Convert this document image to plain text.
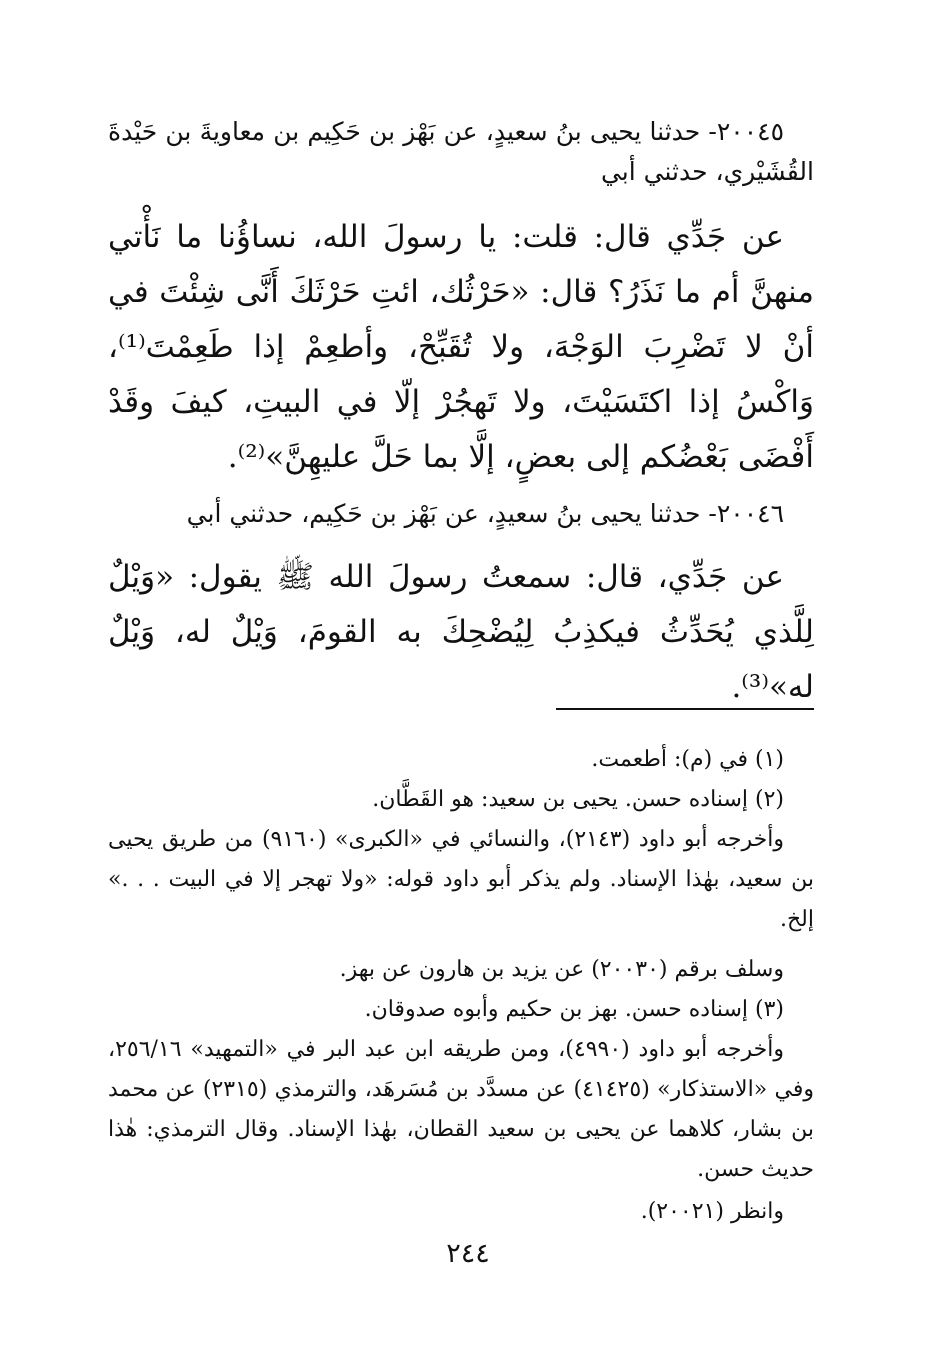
٢٠٠٤٥- حدثنا يحيى بنُ سعيدٍ، عن بَهْز بن حَكِيم بن معاويةَ بن حَيْدةَ القُشَيْري، حدثني أبي

عن جَدِّي قال: قلت: يا رسولَ الله، نساؤُنا ما نَأْتي منهنَّ أم ما نَذَرُ؟ قال: «حَرْثُك، ائتِ حَرْثَكَ أَنَّى شِئْتَ في أنْ لا تَضْرِبَ الوَجْهَ، ولا تُقَبِّحْ، وأطعِمْ إذا طَعِمْتَ⁽¹⁾، وَاكْسُ إذا اكتَسَيْتَ، ولا تَهجُرْ إلّا في البيتِ، كيفَ وقَدْ أَفْضَى بَعْضُكم إلى بعضٍ، إلَّا بما حَلَّ عليهِنَّ»⁽²⁾.

٢٠٠٤٦- حدثنا يحيى بنُ سعيدٍ، عن بَهْز بن حَكِيم، حدثني أبي

عن جَدِّي، قال: سمعتُ رسولَ الله ﷺ يقول: «وَيْلٌ لِلَّذي يُحَدِّثُ فيكذِبُ لِيُضْحِكَ به القومَ، وَيْلٌ له، وَيْلٌ له»⁽³⁾.

(١) في (م): أطعمت.

(٢) إسناده حسن. يحيى بن سعيد: هو القَطَّان.

وأخرجه أبو داود (٢١٤٣)، والنسائي في «الكبرى» (٩١٦٠) من طريق يحيى بن سعيد، بهٰذا الإسناد. ولم يذكر أبو داود قوله: «ولا تهجر إلا في البيت . . .» إلخ.

وسلف برقم (٢٠٠٣٠) عن يزيد بن هارون عن بهز.

(٣) إسناده حسن. بهز بن حكيم وأبوه صدوقان.

وأخرجه أبو داود (٤٩٩٠)، ومن طريقه ابن عبد البر في «التمهيد» ٢٥٦/١٦، وفي «الاستذكار» (٤١٤٢٥) عن مسدَّد بن مُسَرهَد، والترمذي (٢٣١٥) عن محمد بن بشار، كلاهما عن يحيى بن سعيد القطان، بهٰذا الإسناد. وقال الترمذي: هٰذا حديث حسن.

وانظر (٢٠٠٢١).

٢٤٤
